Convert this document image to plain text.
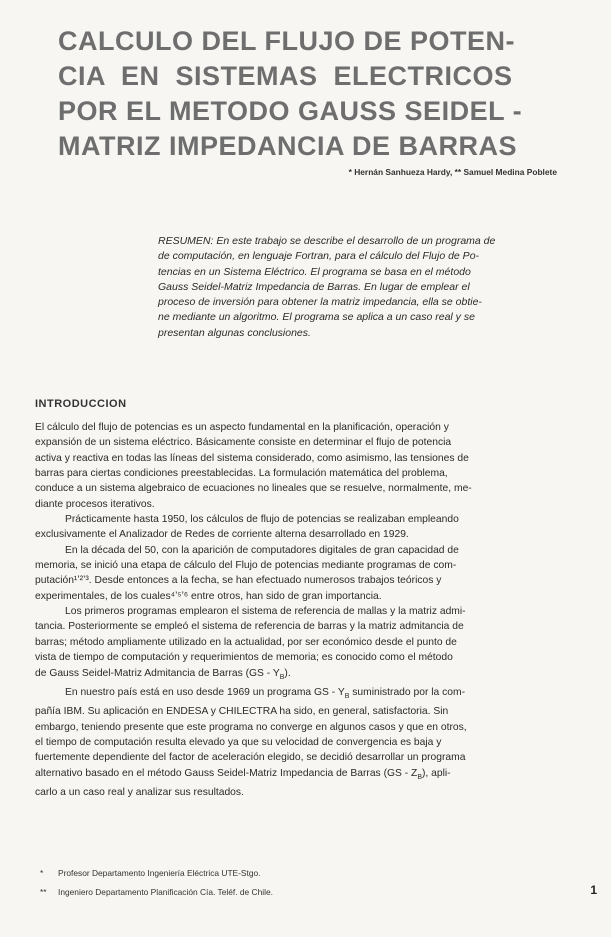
CALCULO DEL FLUJO DE POTEN-
CIA  EN  SISTEMAS  ELECTRICOS
POR EL METODO GAUSS SEIDEL -
MATRIZ IMPEDANCIA DE BARRAS
* Hernán Sanhueza Hardy, ** Samuel Medina Poblete
RESUMEN: En este trabajo se describe el desarrollo de un programa de
de computación, en lenguaje Fortran, para el cálculo del Flujo de Po-
tencias en un Sistema Eléctrico. El programa se basa en el método
Gauss Seidel-Matriz Impedancia de Barras. En lugar de emplear el
proceso de inversión para obtener la matriz impedancia, ella se obtie-
ne mediante un algoritmo. El programa se aplica a un caso real y se
presentan algunas conclusiones.
INTRODUCCION
El cálculo del flujo de potencias es un aspecto fundamental en la planificación, operación y
expansión de un sistema eléctrico. Básicamente consiste en determinar el flujo de potencia
activa y reactiva en todas las líneas del sistema considerado, como asimismo, las tensiones de
barras para ciertas condiciones preestablecidas. La formulación matemática del problema,
conduce a un sistema algebraico de ecuaciones no lineales que se resuelve, normalmente, me-
diante procesos iterativos.
Prácticamente hasta 1950, los cálculos de flujo de potencias se realizaban empleando
exclusivamente el Analizador de Redes de corriente alterna desarrollado en 1929.
En la década del 50, con la aparición de computadores digitales de gran capacidad de
memoria, se inició una etapa de cálculo del Flujo de potencias mediante programas de com-
putación¹ʼ²ʼ³. Desde entonces a la fecha, se han efectuado numerosos trabajos teóricos y
experimentales, de los cuales⁴ʼ⁵ʼ⁶ entre otros, han sido de gran importancia.
Los primeros programas emplearon el sistema de referencia de mallas y la matriz admi-
tancia. Posteriormente se empleó el sistema de referencia de barras y la matriz admitancia de
barras; método ampliamente utilizado en la actualidad, por ser económico desde el punto de
vista de tiempo de computación y requerimientos de memoria; es conocido como el método
de Gauss Seidel-Matriz Admitancia de Barras $(GS - Y_B)$.
En nuestro país está en uso desde 1969 un programa GS - $Y_B$ suministrado por la com-
pañía IBM. Su aplicación en ENDESA y CHILECTRA ha sido, en general, satisfactoria. Sin
embargo, teniendo presente que este programa no converge en algunos casos y que en otros,
el tiempo de computación resulta elevado ya que su velocidad de convergencia es baja y
fuertemente dependiente del factor de aceleración elegido, se decidió desarrollar un programa
alternativo basado en el método Gauss Seidel-Matriz Impedancia de Barras $(GS - Z_B)$, apli-
carlo a un caso real y analizar sus resultados.
* Profesor Departamento Ingeniería Eléctrica UTE-Stgo.
** Ingeniero Departamento Planificación Cía. Teléf. de Chile.	1
